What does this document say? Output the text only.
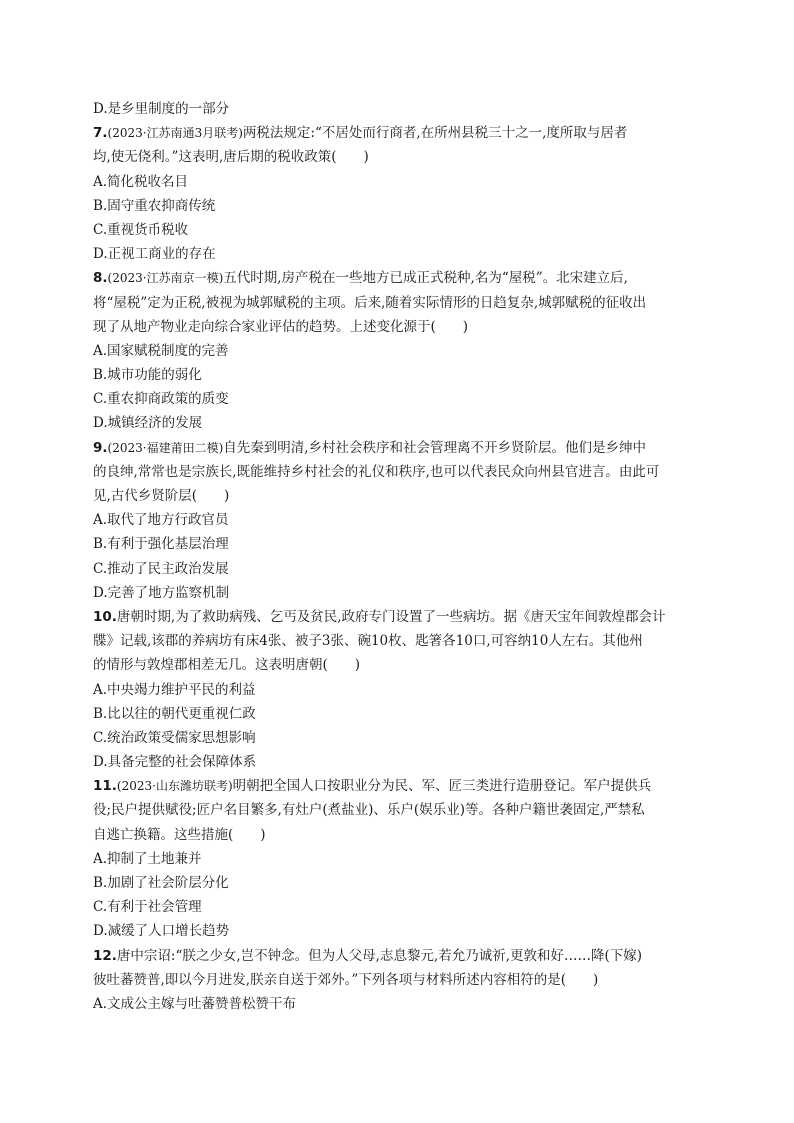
D.是乡里制度的一部分
7.(2023·江苏南通3月联考)两税法规定:“不居处而行商者,在所州县税三十之一,度所取与居者
均,使无侥利。”这表明,唐后期的税收政策(　　)
A.简化税收名目
B.固守重农抑商传统
C.重视货币税收
D.正视工商业的存在
8.(2023·江苏南京一模)五代时期,房产税在一些地方已成正式税种,名为“屋税”。北宋建立后,
将“屋税”定为正税,被视为城郭赋税的主项。后来,随着实际情形的日趋复杂,城郭赋税的征收出
现了从地产物业走向综合家业评估的趋势。上述变化源于(　　)
A.国家赋税制度的完善
B.城市功能的弱化
C.重农抑商政策的质变
D.城镇经济的发展
9.(2023·福建莆田二模)自先秦到明清,乡村社会秩序和社会管理离不开乡贤阶层。他们是乡绅中
的良绅,常常也是宗族长,既能维持乡村社会的礼仪和秩序,也可以代表民众向州县官进言。由此可
见,古代乡贤阶层(　　)
A.取代了地方行政官员
B.有利于强化基层治理
C.推动了民主政治发展
D.完善了地方监察机制
10.唐朝时期,为了救助病残、乞丐及贫民,政府专门设置了一些病坊。据《唐天宝年间敦煌郡会计
牒》记载,该郡的养病坊有床4张、被子3张、碗10枚、匙箸各10口,可容纳10人左右。其他州
的情形与敦煌郡相差无几。这表明唐朝(　　)
A.中央竭力维护平民的利益
B.比以往的朝代更重视仁政
C.统治政策受儒家思想影响
D.具备完整的社会保障体系
11.(2023·山东潍坊联考)明朝把全国人口按职业分为民、军、匠三类进行造册登记。军户提供兵
役;民户提供赋役;匠户名目繁多,有灶户(煮盐业)、乐户(娱乐业)等。各种户籍世袭固定,严禁私
自逃亡换籍。这些措施(　　)
A.抑制了土地兼并
B.加剧了社会阶层分化
C.有利于社会管理
D.减缓了人口增长趋势
12.唐中宗诏:“朕之少女,岂不钟念。但为人父母,志息黎元,若允乃诚祈,更敦和好……降(下嫁)
彼吐蕃赞普,即以今月进发,朕亲自送于郊外。”下列各项与材料所述内容相符的是(　　)
A.文成公主嫁与吐蕃赞普松赞干布
